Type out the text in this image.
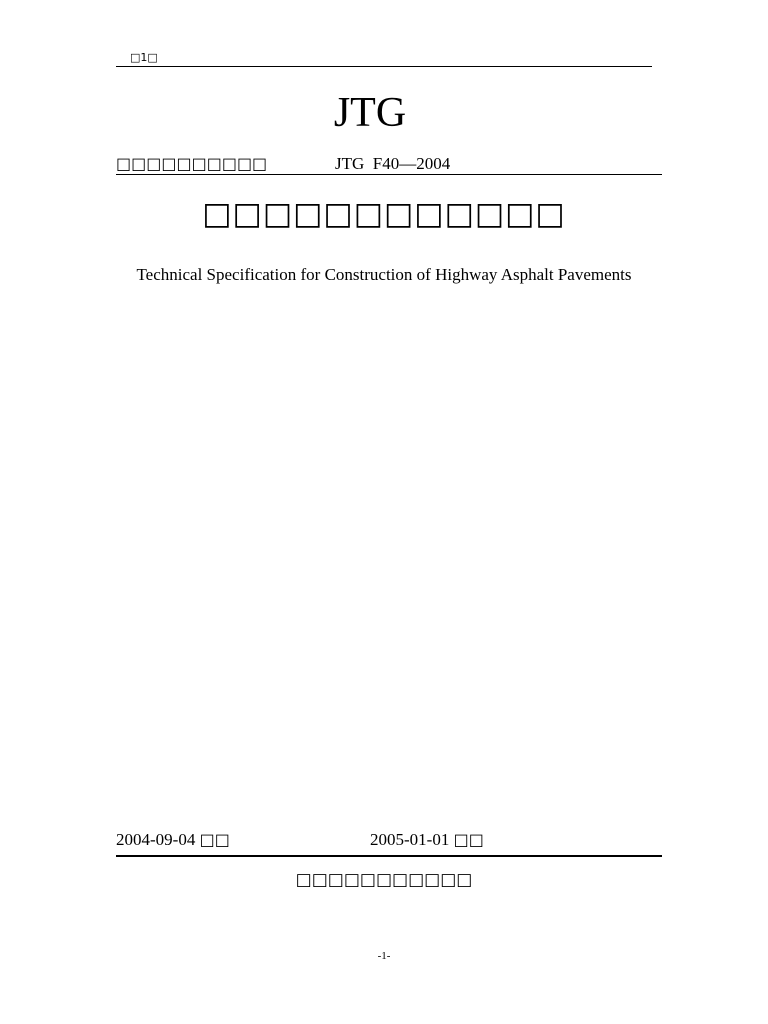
□1□
JTG
□□□□□□□□□□	JTG  F40—2004
□□□□□□□□□□□□
Technical Specification for Construction of Highway Asphalt Pavements
2004-09-04 □□	2005-01-01 □□
□□□□□□□□□□□
-1-
